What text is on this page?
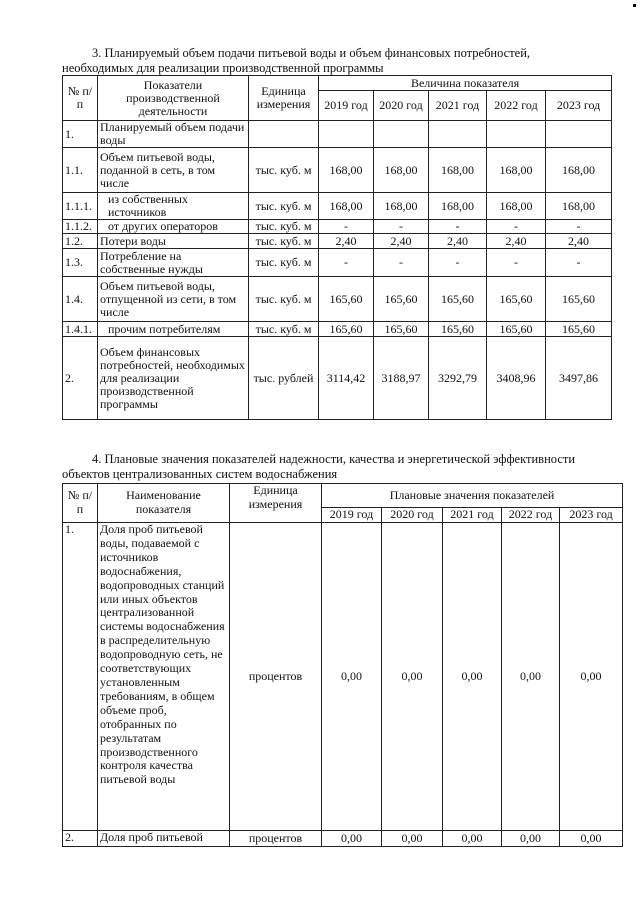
3. Планируемый объем подачи питьевой воды и объем финансовых потребностей,
необходимых для реализации производственной программы
№ п/п	Показатели производственной деятельности	Единица измерения	Величина показателя				
			2019 год	2020 год	2021 год	2022 год	2023 год
1.	Планируемый объем подачи воды						
1.1.	Объем питьевой воды, поданной в сеть, в том числе	тыс. куб. м	168,00	168,00	168,00	168,00	168,00
1.1.1.	из собственных источников	тыс. куб. м	168,00	168,00	168,00	168,00	168,00
1.1.2.	от других операторов	тыс. куб. м	-	-	-	-	-
1.2.	Потери воды	тыс. куб. м	2,40	2,40	2,40	2,40	2,40
1.3.	Потребление на собственные нужды	тыс. куб. м	-	-	-	-	-
1.4.	Объем питьевой воды, отпущенной из сети, в том числе	тыс. куб. м	165,60	165,60	165,60	165,60	165,60
1.4.1.	прочим потребителям	тыс. куб. м	165,60	165,60	165,60	165,60	165,60
2.	Объем финансовых потребностей, необходимых для реализации производственной программы	тыс. рублей	3114,42	3188,97	3292,79	3408,96	3497,86
4. Плановые значения показателей надежности, качества и энергетической эффективности
объектов централизованных систем водоснабжения
№ п/п	Наименование показателя	Единица измерения	Плановые значения показателей				
			2019 год	2020 год	2021 год	2022 год	2023 год
1.	Доля проб питьевой воды, подаваемой с источников водоснабжения, водопроводных станций или иных объектов централизованной системы водоснабжения в распределительную водопроводную сеть, не соответствующих установленным требованиям, в общем объеме проб, отобранных по результатам производственного контроля качества питьевой воды	процентов	0,00	0,00	0,00	0,00	0,00
2.	Доля проб питьевой	процентов	0,00	0,00	0,00	0,00	0,00
